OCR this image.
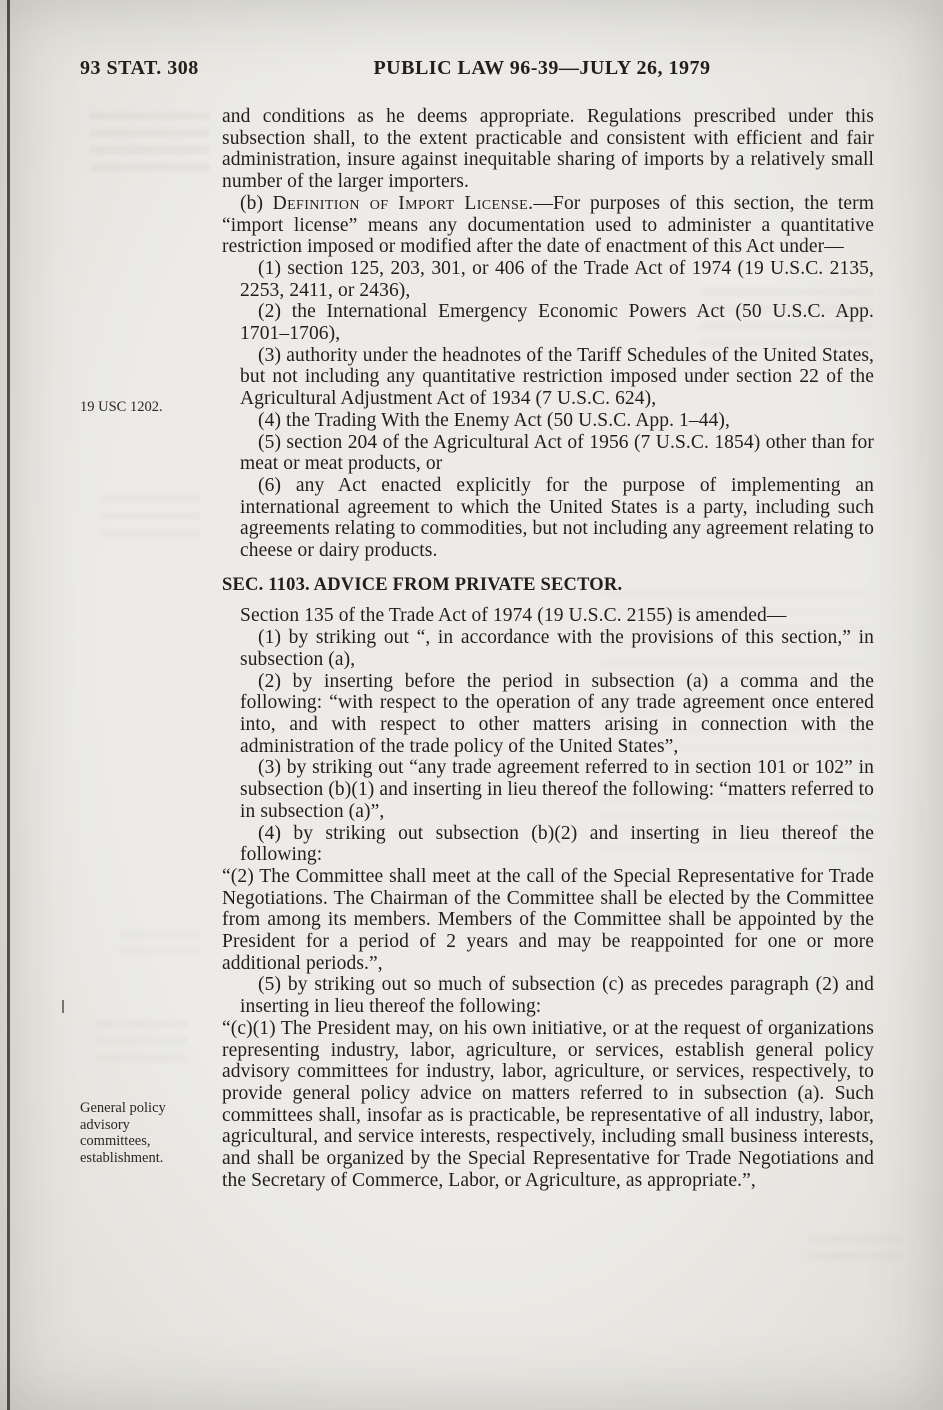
93 STAT. 308	PUBLIC LAW 96-39—JULY 26, 1979
19 USC 1202.
General policy advisory committees, establishment.

and conditions as he deems appropriate. Regulations prescribed under this subsection shall, to the extent practicable and consistent with efficient and fair administration, insure against inequitable sharing of imports by a relatively small number of the larger importers.

(b) Definition of Import License.—For purposes of this section, the term “import license” means any documentation used to administer a quantitative restriction imposed or modified after the date of enactment of this Act under—

(1) section 125, 203, 301, or 406 of the Trade Act of 1974 (19 U.S.C. 2135, 2253, 2411, or 2436),

(2) the International Emergency Economic Powers Act (50 U.S.C. App. 1701–1706),

(3) authority under the headnotes of the Tariff Schedules of the United States, but not including any quantitative restriction imposed under section 22 of the Agricultural Adjustment Act of 1934 (7 U.S.C. 624),

(4) the Trading With the Enemy Act (50 U.S.C. App. 1–44),

(5) section 204 of the Agricultural Act of 1956 (7 U.S.C. 1854) other than for meat or meat products, or

(6) any Act enacted explicitly for the purpose of implementing an international agreement to which the United States is a party, including such agreements relating to commodities, but not including any agreement relating to cheese or dairy products.

SEC. 1103. ADVICE FROM PRIVATE SECTOR.

Section 135 of the Trade Act of 1974 (19 U.S.C. 2155) is amended—

(1) by striking out “, in accordance with the provisions of this section,” in subsection (a),

(2) by inserting before the period in subsection (a) a comma and the following: “with respect to the operation of any trade agreement once entered into, and with respect to other matters arising in connection with the administration of the trade policy of the United States”,

(3) by striking out “any trade agreement referred to in section 101 or 102” in subsection (b)(1) and inserting in lieu thereof the following: “matters referred to in subsection (a)”,

(4) by striking out subsection (b)(2) and inserting in lieu thereof the following:

“(2) The Committee shall meet at the call of the Special Representative for Trade Negotiations. The Chairman of the Committee shall be elected by the Committee from among its members. Members of the Committee shall be appointed by the President for a period of 2 years and may be reappointed for one or more additional periods.”,

(5) by striking out so much of subsection (c) as precedes paragraph (2) and inserting in lieu thereof the following:

“(c)(1) The President may, on his own initiative, or at the request of organizations representing industry, labor, agriculture, or services, establish general policy advisory committees for industry, labor, agriculture, or services, respectively, to provide general policy advice on matters referred to in subsection (a). Such committees shall, insofar as is practicable, be representative of all industry, labor, agricultural, and service interests, respectively, including small business interests, and shall be organized by the Special Representative for Trade Negotiations and the Secretary of Commerce, Labor, or Agriculture, as appropriate.”,
